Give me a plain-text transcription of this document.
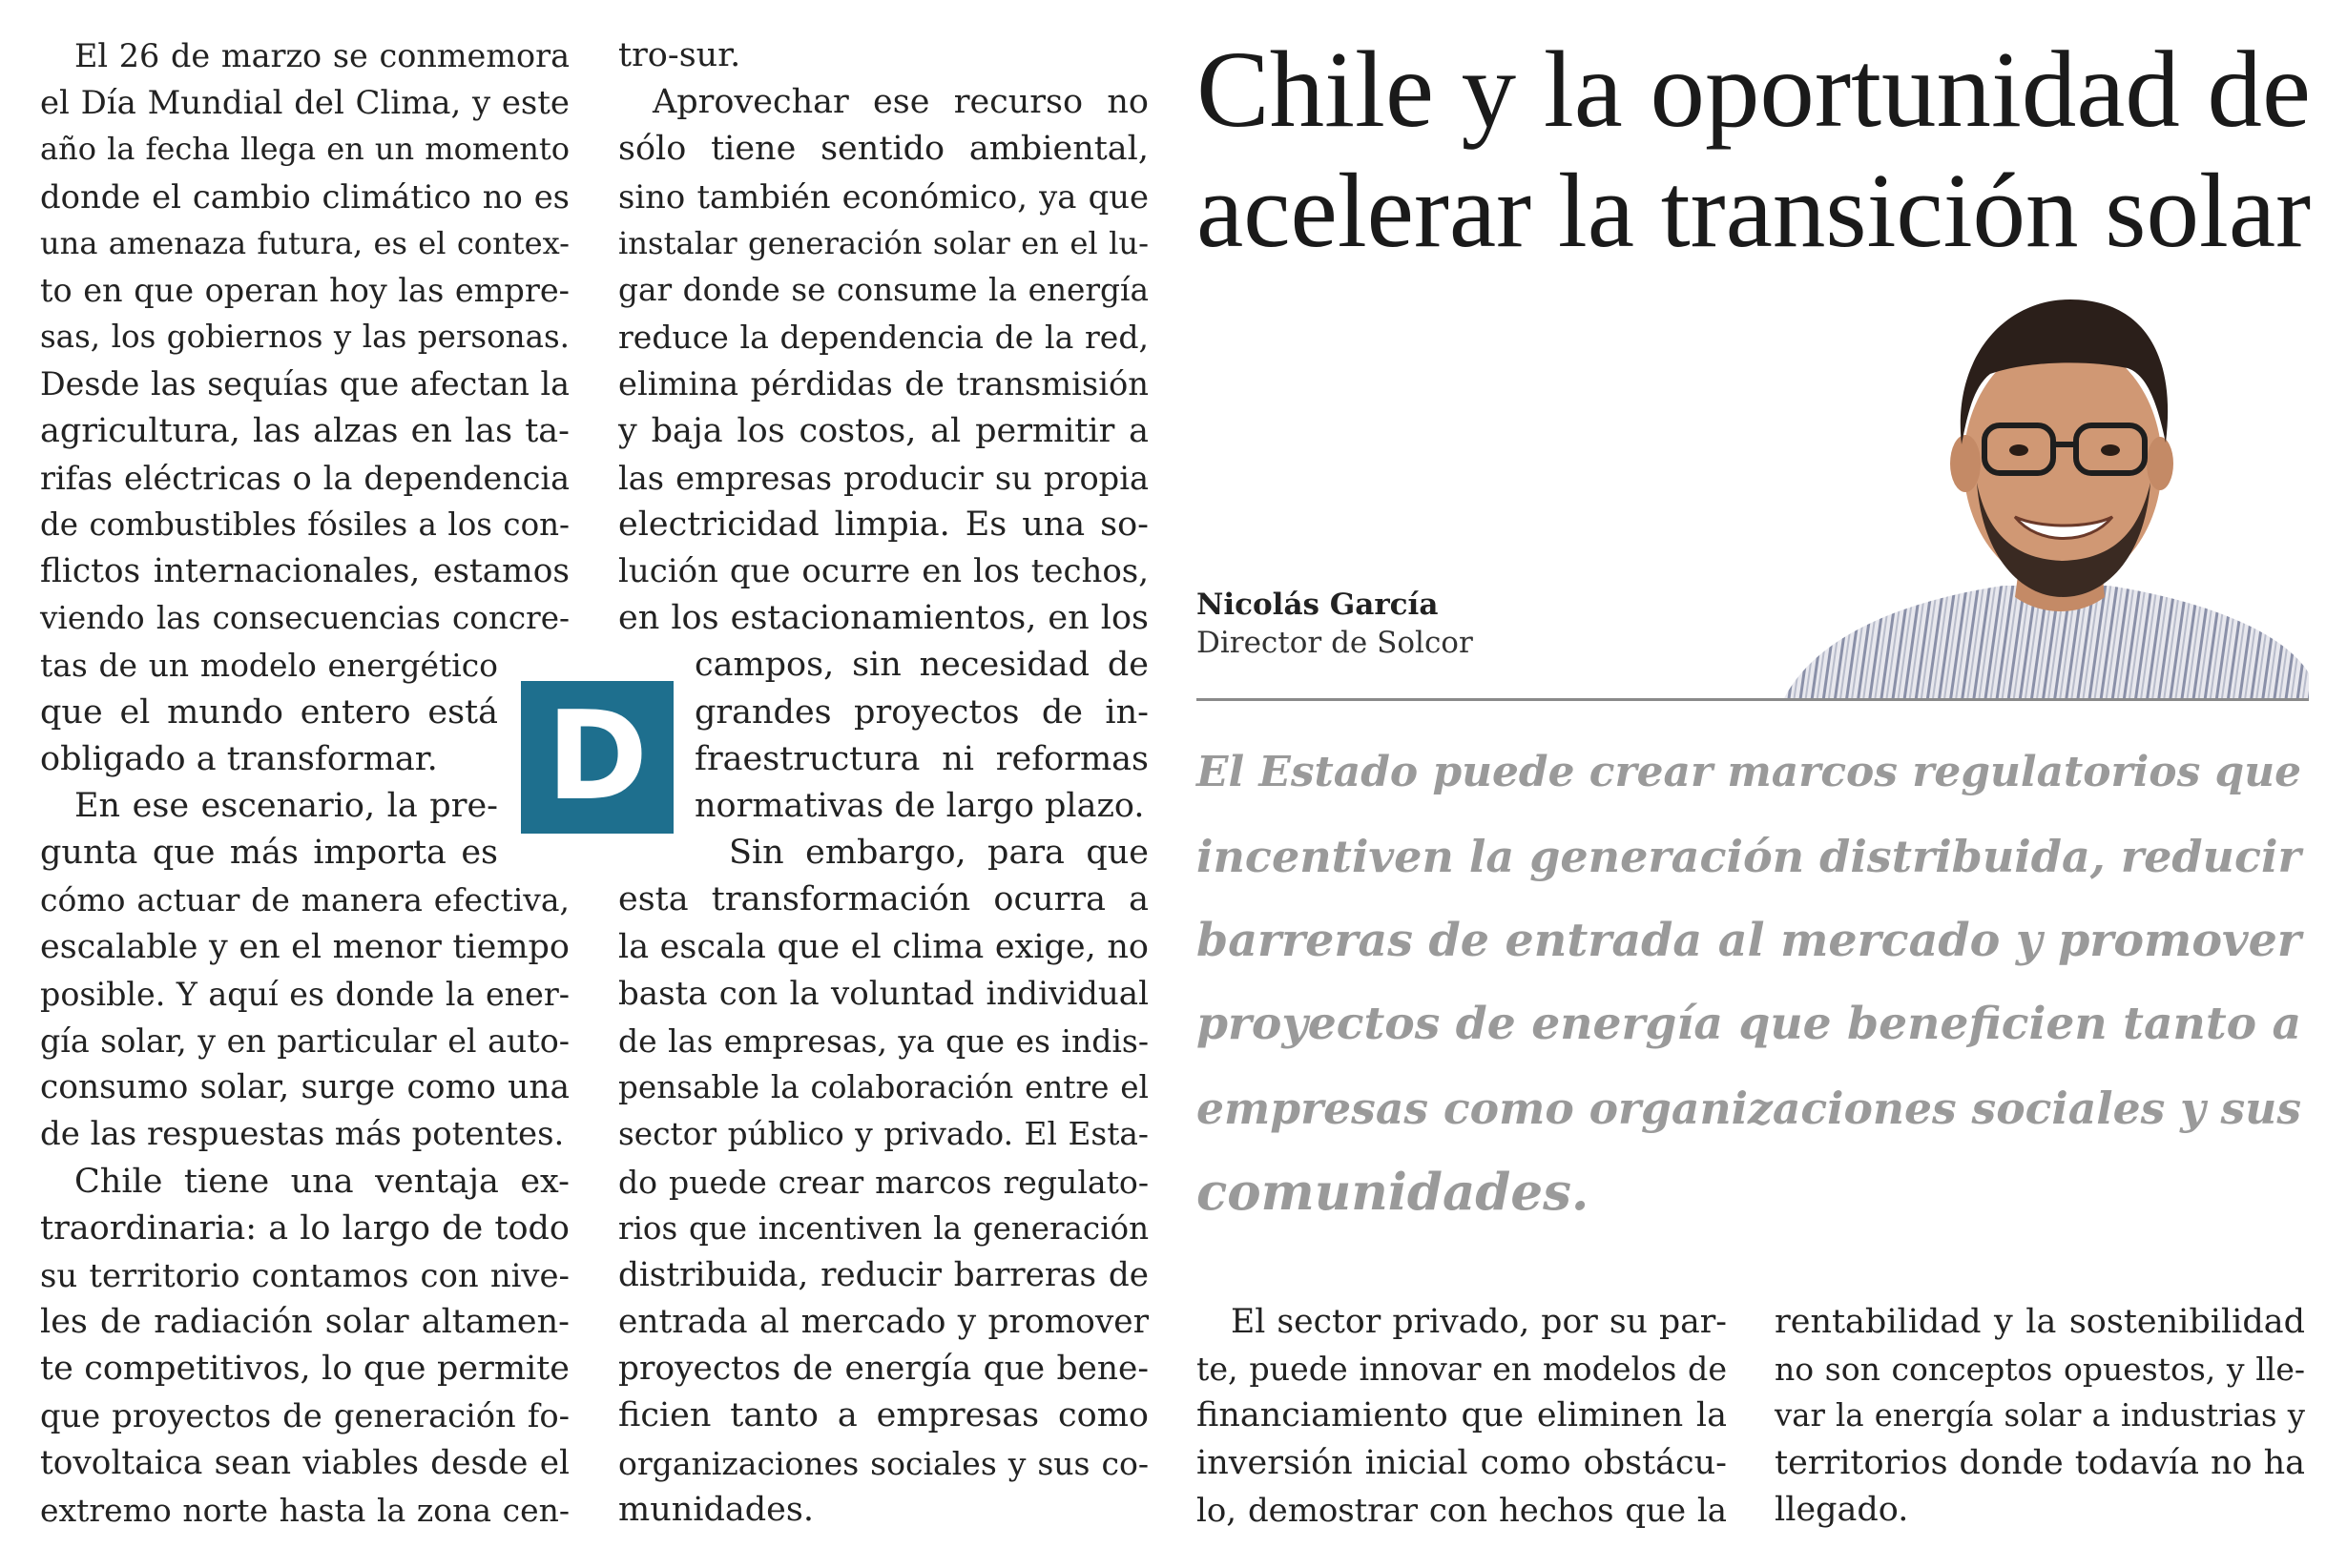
Chile y la oportunidad de
acelerar la transición solar
Nicolás García
Director de Solcor
El Estado puede crear marcos regulatorios que
incentiven la generación distribuida, reducir
barreras de entrada al mercado y promover
proyectos de energía que beneficien tanto a
empresas como organizaciones sociales y sus
comunidades.
D
El 26 de marzo se conmemora
el Día Mundial del Clima, y este
año la fecha llega en un momento
donde el cambio climático no es
una amenaza futura, es el contex-
to en que operan hoy las empre-
sas, los gobiernos y las personas.
Desde las sequías que afectan la
agricultura, las alzas en las ta-
rifas eléctricas o la dependencia
de combustibles fósiles a los con-
flictos internacionales, estamos
viendo las consecuencias concre-
tas de un modelo energético
que el mundo entero está
obligado a transformar.
En ese escenario, la pre-
gunta que más importa es
cómo actuar de manera efectiva,
escalable y en el menor tiempo
posible. Y aquí es donde la ener-
gía solar, y en particular el auto-
consumo solar, surge como una
de las respuestas más potentes.
Chile tiene una ventaja ex-
traordinaria: a lo largo de todo
su territorio contamos con nive-
les de radiación solar altamen-
te competitivos, lo que permite
que proyectos de generación fo-
tovoltaica sean viables desde el
extremo norte hasta la zona cen-
tro-sur.
Aprovechar ese recurso no
sólo tiene sentido ambiental,
sino también económico, ya que
instalar generación solar en el lu-
gar donde se consume la energía
reduce la dependencia de la red,
elimina pérdidas de transmisión
y baja los costos, al permitir a
las empresas producir su propia
electricidad limpia. Es una so-
lución que ocurre en los techos,
en los estacionamientos, en los
campos, sin necesidad de
grandes proyectos de in-
fraestructura ni reformas
normativas de largo plazo.
Sin embargo, para que
esta transformación ocurra a
la escala que el clima exige, no
basta con la voluntad individual
de las empresas, ya que es indis-
pensable la colaboración entre el
sector público y privado. El Esta-
do puede crear marcos regulato-
rios que incentiven la generación
distribuida, reducir barreras de
entrada al mercado y promover
proyectos de energía que bene-
ficien tanto a empresas como
organizaciones sociales y sus co-
munidades.
El sector privado, por su par-
te, puede innovar en modelos de
financiamiento que eliminen la
inversión inicial como obstácu-
lo, demostrar con hechos que la
rentabilidad y la sostenibilidad
no son conceptos opuestos, y lle-
var la energía solar a industrias y
territorios donde todavía no ha
llegado.
